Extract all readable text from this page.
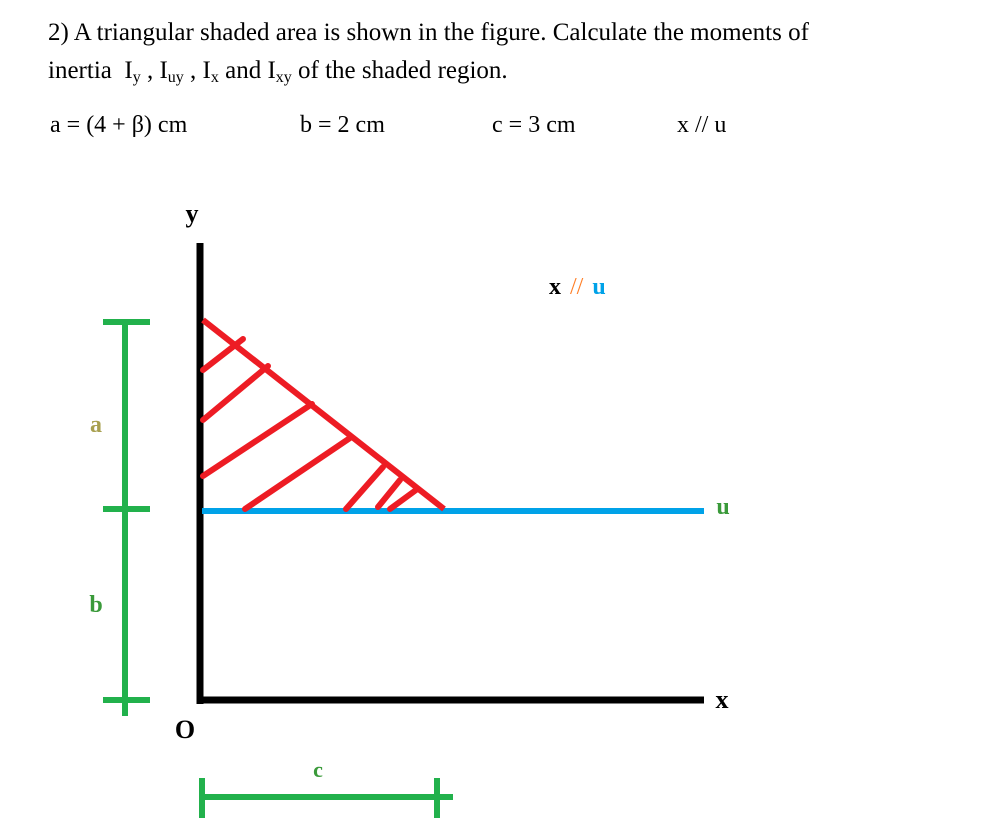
2) A triangular shaded area is shown in the figure. Calculate the moments of
inertia $I_y$ , $I_{uy}$ , $I_x$ and $I_{xy}$ of the shaded region.
a = (4 + β) cm	b = 2 cm	c = 3 cm	x // u
y
x
u
O
x // u
a
b
c
